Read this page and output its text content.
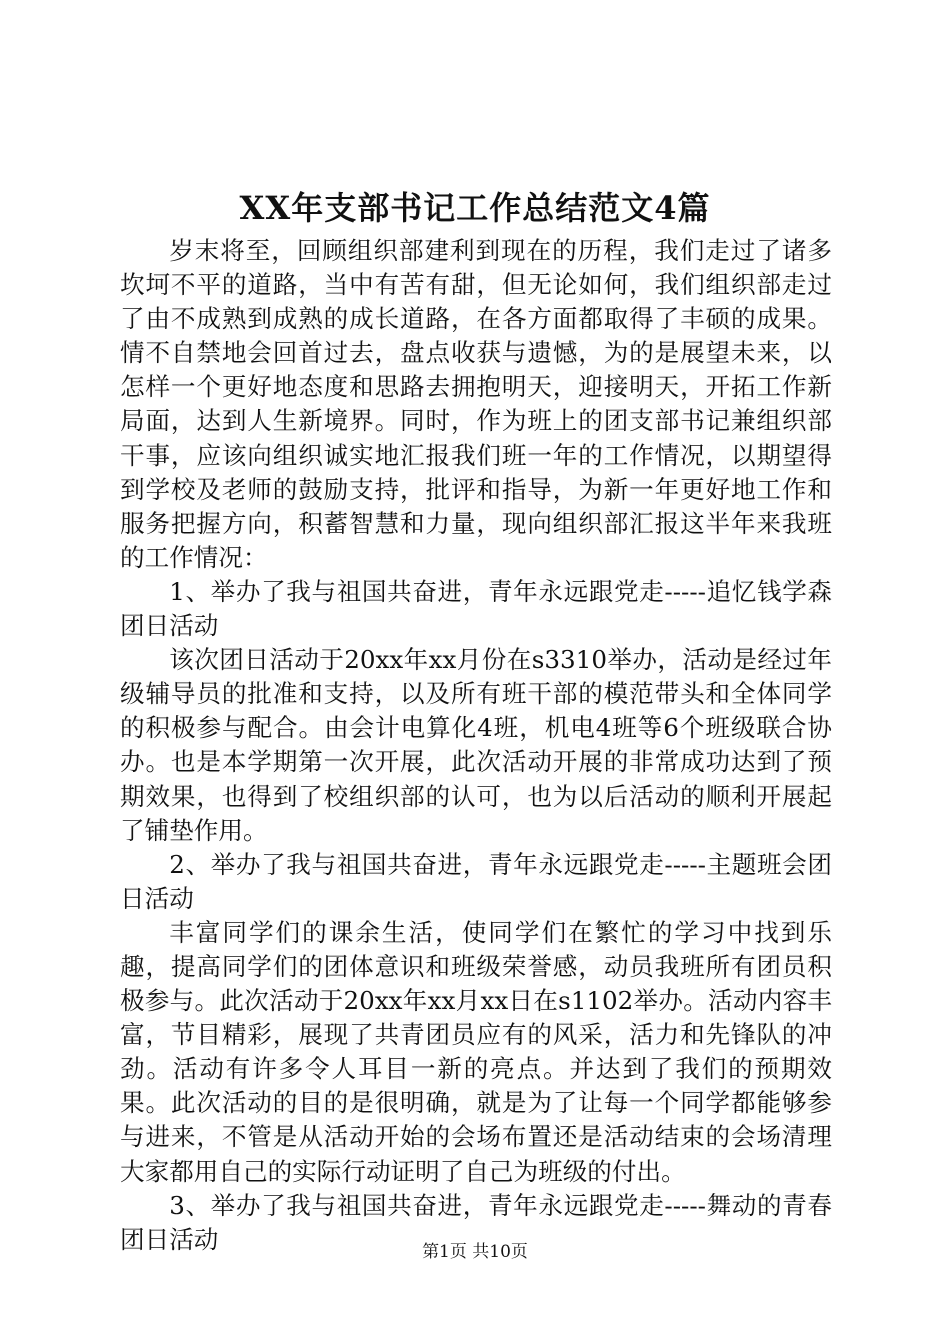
XX年支部书记工作总结范文4篇

岁末将至，回顾组织部建利到现在的历程，我们走过了诸多坎坷不平的道路，当中有苦有甜，但无论如何，我们组织部走过了由不成熟到成熟的成长道路，在各方面都取得了丰硕的成果。情不自禁地会回首过去，盘点收获与遗憾，为的是展望未来，以怎样一个更好地态度和思路去拥抱明天，迎接明天，开拓工作新局面，达到人生新境界。同时，作为班上的团支部书记兼组织部干事，应该向组织诚实地汇报我们班一年的工作情况，以期望得到学校及老师的鼓励支持，批评和指导，为新一年更好地工作和服务把握方向，积蓄智慧和力量，现向组织部汇报这半年来我班的工作情况：

1、举办了我与祖国共奋进，青年永远跟党走-----追忆钱学森团日活动

该次团日活动于20xx年xx月份在s3310举办，活动是经过年级辅导员的批准和支持，以及所有班干部的模范带头和全体同学的积极参与配合。由会计电算化4班，机电4班等6个班级联合协办。也是本学期第一次开展，此次活动开展的非常成功达到了预期效果，也得到了校组织部的认可，也为以后活动的顺利开展起了铺垫作用。

2、举办了我与祖国共奋进，青年永远跟党走-----主题班会团日活动

丰富同学们的课余生活，使同学们在繁忙的学习中找到乐趣，提高同学们的团体意识和班级荣誉感，动员我班所有团员积极参与。此次活动于20xx年xx月xx日在s1102举办。活动内容丰富，节目精彩，展现了共青团员应有的风采，活力和先锋队的冲劲。活动有许多令人耳目一新的亮点。并达到了我们的预期效果。此次活动的目的是很明确，就是为了让每一个同学都能够参与进来，不管是从活动开始的会场布置还是活动结束的会场清理大家都用自己的实际行动证明了自己为班级的付出。

3、举办了我与祖国共奋进，青年永远跟党走-----舞动的青春团日活动	第1页 共10页
